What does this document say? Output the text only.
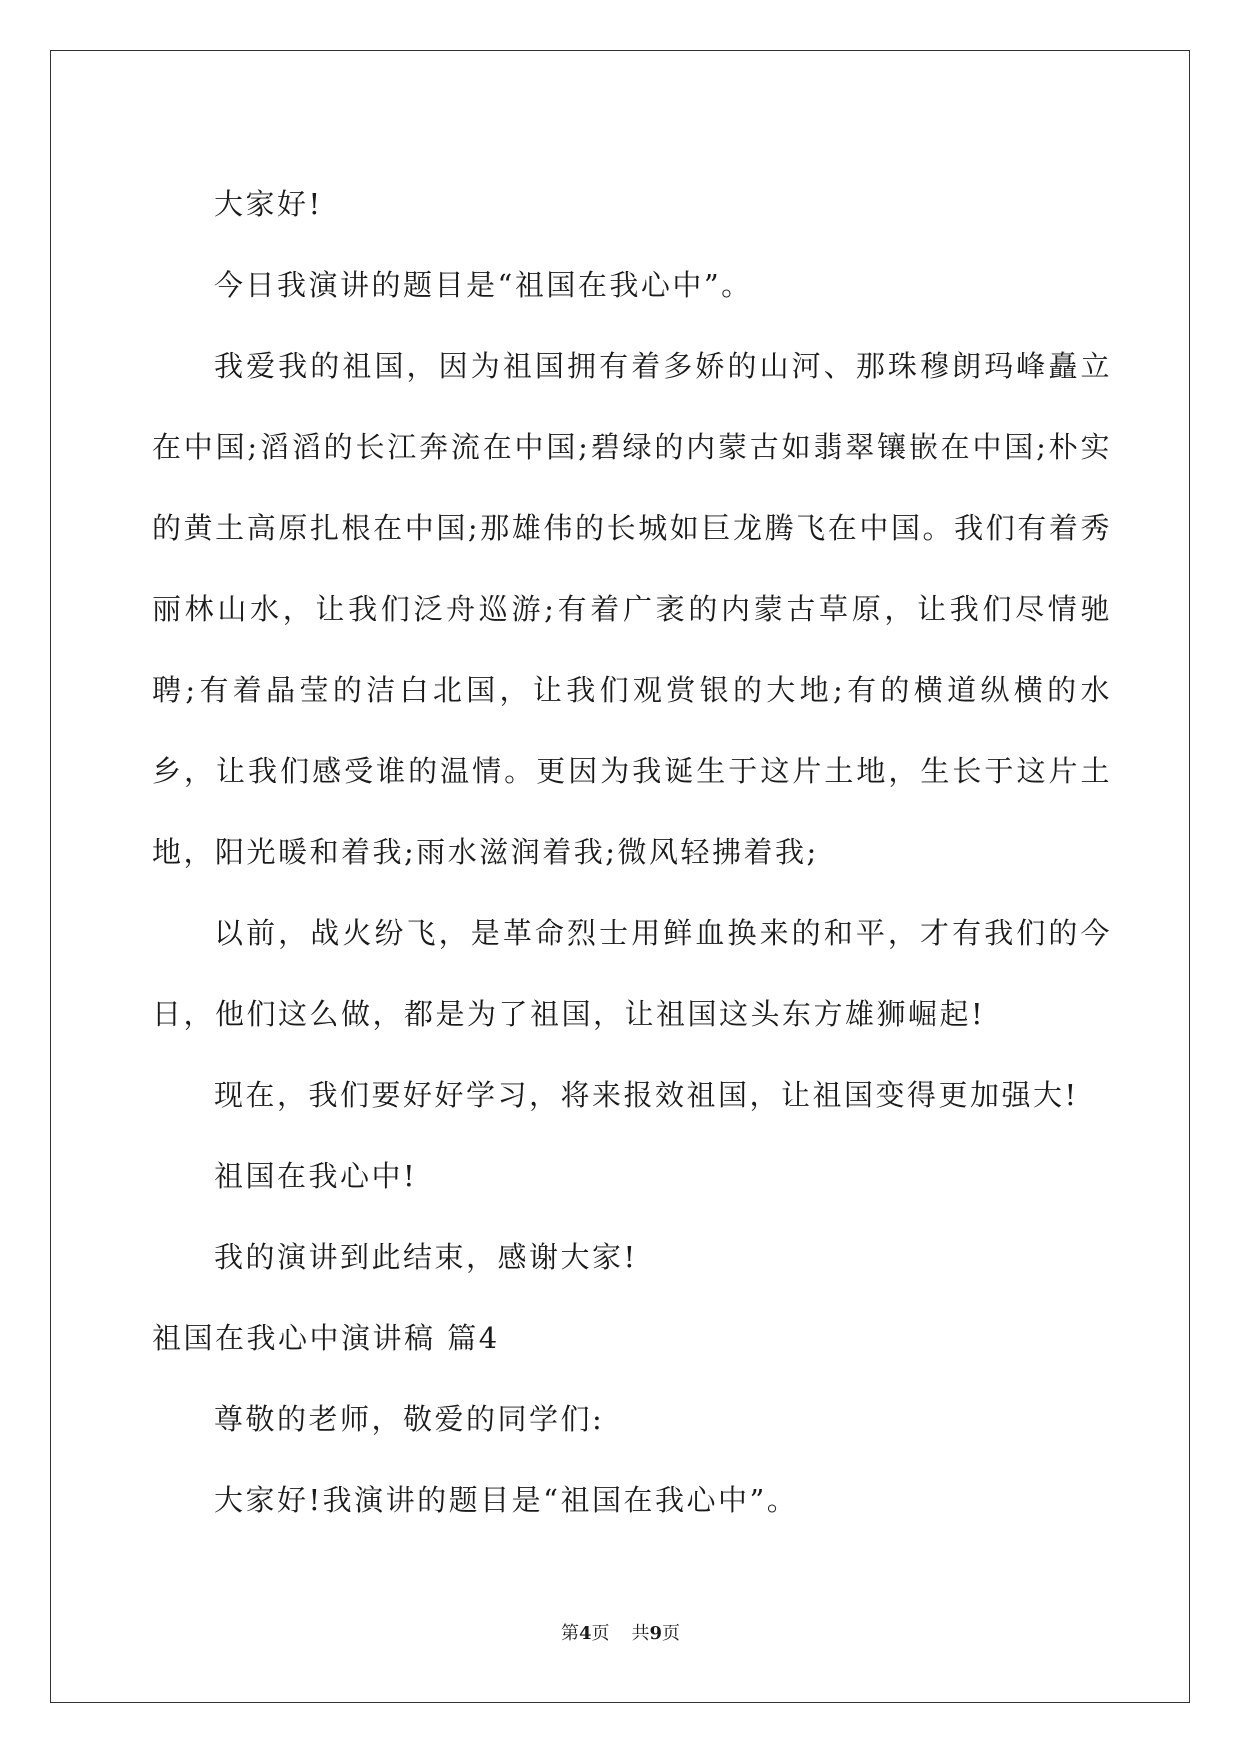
大家好!

今日我演讲的题目是“祖国在我心中”。

我爱我的祖国，因为祖国拥有着多娇的山河、那珠穆朗玛峰矗立在中国;滔滔的长江奔流在中国;碧绿的内蒙古如翡翠镶嵌在中国;朴实的黄土高原扎根在中国;那雄伟的长城如巨龙腾飞在中国。我们有着秀丽林山水，让我们泛舟巡游;有着广袤的内蒙古草原，让我们尽情驰聘;有着晶莹的洁白北国，让我们观赏银的大地;有的横道纵横的水乡，让我们感受谁的温情。更因为我诞生于这片土地，生长于这片土地，阳光暖和着我;雨水滋润着我;微风轻拂着我;

以前，战火纷飞，是革命烈士用鲜血换来的和平，才有我们的今日，他们这么做，都是为了祖国，让祖国这头东方雄狮崛起!

现在，我们要好好学习，将来报效祖国，让祖国变得更加强大!

祖国在我心中!

我的演讲到此结束，感谢大家!

祖国在我心中演讲稿 篇4

尊敬的老师，敬爱的同学们:

大家好!我演讲的题目是“祖国在我心中”。

第4页 共9页
